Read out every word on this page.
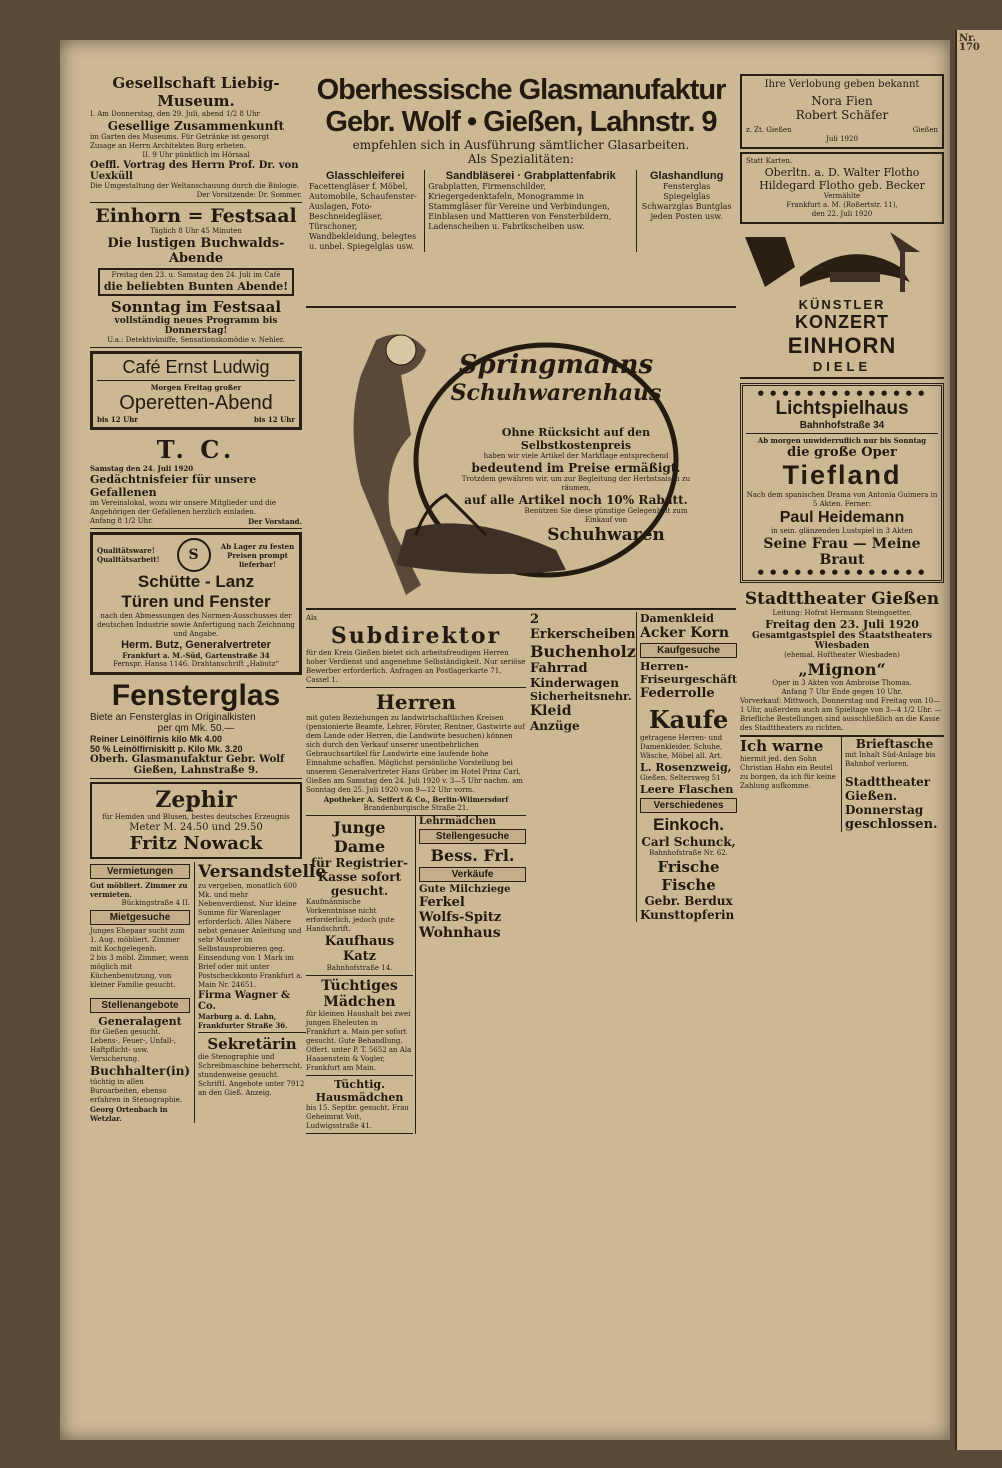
Gesellschaft Liebig-Museum.
I. Am Donnerstag, den 29. Juli, abend 1/2 8 Uhr
Gesellige Zusammenkunft
im Garten des Museums. Für Getränke ist gesorgt
Zusage an Herrn Architekten Burg erbeten.
II. 9 Uhr pünktlich im Hörsaal
Oeffl. Vortrag des Herrn Prof. Dr. von Uexküll
Die Umgestaltung der Weltanschauung durch die Biologie.
Der Vorsitzende: Dr. Sommer.
Einhorn = Festsaal
Täglich 8 Uhr 45 Minuten
Die lustigen Buchwalds-Abende
Freitag den 23. u. Samstag den 24. Juli im Café
die beliebten Bunten Abende!
Sonntag im Festsaal
vollständig neues Programm bis Donnerstag!
U.a.: Detektivkniffe, Sensationskomödie v. Nehler.
Café Ernst Ludwig
Morgen Freitag großer
Operetten-Abend
bis 12 Uhr	bis 12 Uhr
T. C.
Samstag den 24. Juli 1920
Gedächtnisfeier für unsere Gefallenen
im Vereinslokal, wozu wir unsere Mitglieder und die Angehörigen der Gefallenen herzlich einladen.
Anfang 8 1/2 Uhr.	Der Vorstand.
Qualitätsware! Qualitätsarbeit!	S
Ab Lager zu festen Preisen prompt lieferbar!
Schütte - Lanz
Türen und Fenster
nach den Abmessungen des Normen-Ausschusses der deutschen Industrie sowie Anfertigung nach Zeichnung und Angabe.
Herm. Butz, Generalvertreter
Frankfurt a. M.-Süd, Gartenstraße 34
Fernspr. Hansa 1146. Drahtanschrift „Habutz“
Fensterglas
Biete an Fensterglas in Originalkisten
per qm Mk. 50.—
Reiner Leinölfirnis kilo Mk 4.00
50 % Leinölfirniskitt p. Kilo Mk. 3.20
Oberh. Glasmanufaktur Gebr. Wolf
Gießen, Lahnstraße 9.
Zephir
für Hemden und Blusen, bestes deutsches Erzeugnis
Meter M. 24.50 und 29.50
Fritz Nowack
Vermietungen
Gut möbliert. Zimmer zu vermieten.
Bückingstraße 4 II.
Mietgesuche
Junges Ehepaar sucht zum 1. Aug. möbliert. Zimmer mit Kochgelegenh.
2 bis 3 möbl. Zimmer, wenn möglich mit Küchenbenutzung, von kleiner Familie gesucht.
Stellenangebote
Generalagent
für Gießen gesucht. Lebens-, Feuer-, Unfall-, Haftpflicht- usw. Versicherung.
Buchhalter(in)
tüchtig in allen Buroarbeiten, ebenso erfahren in Stenographie.
Georg Ortenbach in Wetzlar.
Versandstelle
zu vergeben, monatlich 600 Mk. und mehr Nebenverdienst. Nur kleine Summe für Warenlager erforderlich. Alles Nähere nebst genauer Anleitung und sehr Muster im Selbstausprobieren geg. Einsendung von 1 Mark im Brief oder mit unter Postscheckkonto Frankfurt a. Main Nr. 24651.
Firma Wagner & Co.
Marburg a. d. Lahn, Frankfurter Straße 36.
Sekretärin
die Stenographie und Schreibmaschine beherrscht, stundenweise gesucht. Schriftl. Angebote unter 7912 an den Gieß. Anzeig.
Oberhessische Glasmanufaktur
Gebr. Wolf • Gießen, Lahnstr. 9
empfehlen sich in Ausführung sämtlicher Glasarbeiten.
Als Spezialitäten:
Glasschleiferei
Facettengläser f. Möbel, Automobile, Schaufenster-Auslagen, Foto-Beschneidegläser, Türschoner, Wandbekleidung, belegtes u. unbel. Spiegelglas usw.
Sandbläserei · Grabplattenfabrik
Grabplatten, Firmenschilder, Kriegergedenktafeln, Monogramme in Stammgläser für Vereine und Verbindungen, Einblasen und Mattieren von Fensterbildern, Ladenscheiben u. Fabrikscheiben usw.
Glashandlung
Fensterglas Spiegelglas Schwarzglas Buntglas jeden Posten usw.
Springmanns
Schuhwarenhaus
Ohne Rücksicht auf den Selbstkostenpreis
haben wir viele Artikel der Marktlage entsprechend
bedeutend im Preise ermäßigt.
Trotzdem gewähren wir, um zur Begleitung der Herbstsaison zu räumen,
auf alle Artikel noch 10% Rabatt.
Benützen Sie diese günstige Gelegenheit zum Einkauf von
Schuhwaren
Als
Subdirektor
für den Kreis Gießen bietet sich arbeitsfreudigen Herren hoher Verdienst und angenehme Selbständigkeit. Nur seriöse Bewerber erforderlich. Anfragen an Postlagerkarte 71, Cassel 1.
Herren
mit guten Beziehungen zu landwirtschaftlichen Kreisen (pensionierte Beamte, Lehrer, Förster, Rentner, Gastwirte auf dem Lande oder Herren, die Landwirte besuchen) können sich durch den Verkauf unserer unentbehrlichen Gebrauchsartikel für Landwirte eine laufende hohe Einnahme schaffen. Möglichst persönliche Vorstellung bei unserem Generalvertreter Hans Grüber im Hotel Prinz Carl, Gießen am Samstag den 24. Juli 1920 v. 3—5 Uhr nachm. am Sonntag den 25. Juli 1920 von 9—12 Uhr vorm.
Apotheker A. Seifert & Co., Berlin-Wilmersdorf
Brandenburgische Straße 21.
Junge Dame
für Registrier-Kasse sofort gesucht.
Kaufmännische Vorkenntnisse nicht erforderlich, jedoch gute Handschrift.
Kaufhaus Katz
Bahnhofstraße 14.
Tüchtiges Mädchen
für kleinen Haushalt bei zwei jungen Eheleuten in Frankfurt a. Main per sofort gesucht. Gute Behandlung. Offert. unter P. T. 5652 an Ala Haasenstein & Vogler, Frankfurt am Main.
Tüchtig. Hausmädchen
bis 15. Septbr. gesucht. Frau Geheimrat Voit, Ludwigsstraße 41.
Lehrmädchen
Stellengesuche
Bess. Frl.
Verkäufe
Gute Milchziege
Ferkel
Wolfs-Spitz
Wohnhaus
2 Erkerscheiben
Buchenholz
Fahrrad
Kinderwagen
Sicherheitsnehr.
Kleid
Anzüge
Damenkleid
Acker Korn
Kaufgesuche
Herren-Friseurgeschäft
Federrolle
Kaufe
getragene Herren- und Damenkleider, Schuhe, Wäsche, Möbel all. Art.
L. Rosenzweig,
Gießen, Seltersweg 51
Leere Flaschen
Verschiedenes
Einkoch.
Carl Schunck,
Bahnhofstraße Nr. 62.
Frische Fische
Gebr. Berdux
Kunsttopferin
Ihre Verlobung geben bekannt
Nora Fien
Robert Schäfer
z. Zt. Gießen	Gießen
Juli 1920
Statt Karten.
Oberltn. a. D. Walter Flotho
Hildegard Flotho geb. Becker
Vermählte
Frankfurt a. M. (Roßertstr. 11),
den 22. Juli 1920
KÜNSTLER
KONZERT
EINHORN
DIELE
● ● ● ● ● ● ● ● ● ● ● ● ● ●
Lichtspielhaus
Bahnhofstraße 34
Ab morgen unwiderruflich nur bis Sonntag
die große Oper
Tiefland
Nach dem spanischen Drama von Antonia Guimera in 5 Akten. Ferner:
Paul Heidemann
in sein. glänzenden Lustspiel in 3 Akten
Seine Frau — Meine Braut
● ● ● ● ● ● ● ● ● ● ● ● ● ●
Stadttheater Gießen
Leitung: Hofrat Hermann Steingoetter.
Freitag den 23. Juli 1920
Gesamtgastspiel des Staatstheaters Wiesbaden
(ehemal. Hoftheater Wiesbaden)
„Mignon“
Oper in 3 Akten von Ambroise Thomas.
Anfang 7 Uhr Ende gegen 10 Uhr.
Vorverkauf: Mittwoch, Donnerstag und Freitag von 10—1 Uhr, außerdem auch am Spieltage von 3—4 1/2 Uhr. — Briefliche Bestellungen sind ausschließlich an die Kasse des Stadttheaters zu richten.
Ich warne
hiermit jed. den Sohn Christian Hahn ein Beutel zu borgen, da ich für keine Zahlung aufkomme.
Brieftasche
mit Inhalt Süd-Anlage bis Bahnhof verloren.
Stadttheater Gießen.
Donnerstag
geschlossen.
Nr. 170
